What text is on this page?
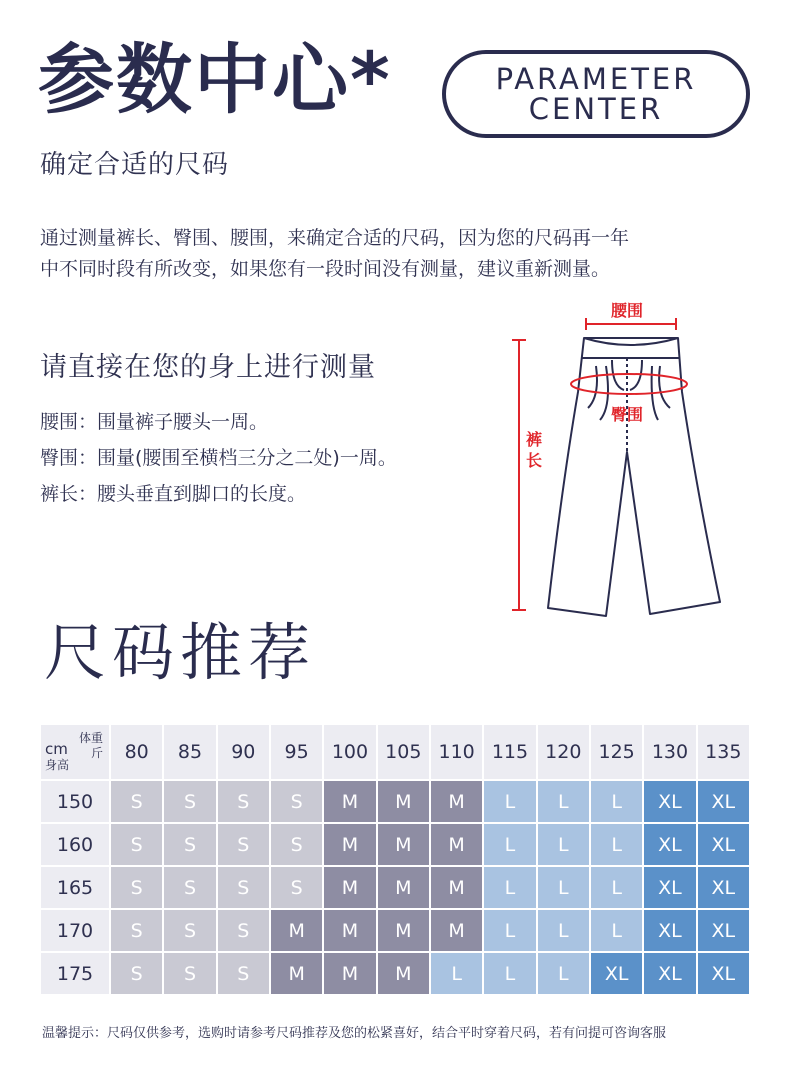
参数中心*
确定合适的尺码
PARAMETER
CENTER
通过测量裤长、臀围、腰围，来确定合适的尺码，因为您的尺码再一年
中不同时段有所改变，如果您有一段时间没有测量，建议重新测量。
请直接在您的身上进行测量
腰围：围量裤子腰头一周。
臀围：围量(腰围至横档三分之二处)一周。
裤长：腰头垂直到脚口的长度。
腰围
裤
长
臀围
尺码推荐
体重
斤
cm
身高	80	85	90	95	100	105	110	115	120	125	130	135
150	S	S	S	S	M	M	M	L	L	L	XL	XL
160	S	S	S	S	M	M	M	L	L	L	XL	XL
165	S	S	S	S	M	M	M	L	L	L	XL	XL
170	S	S	S	M	M	M	M	L	L	L	XL	XL
175	S	S	S	M	M	M	L	L	L	XL	XL	XL
温馨提示：尺码仅供参考，选购时请参考尺码推荐及您的松紧喜好，结合平时穿着尺码，若有问提可咨询客服
